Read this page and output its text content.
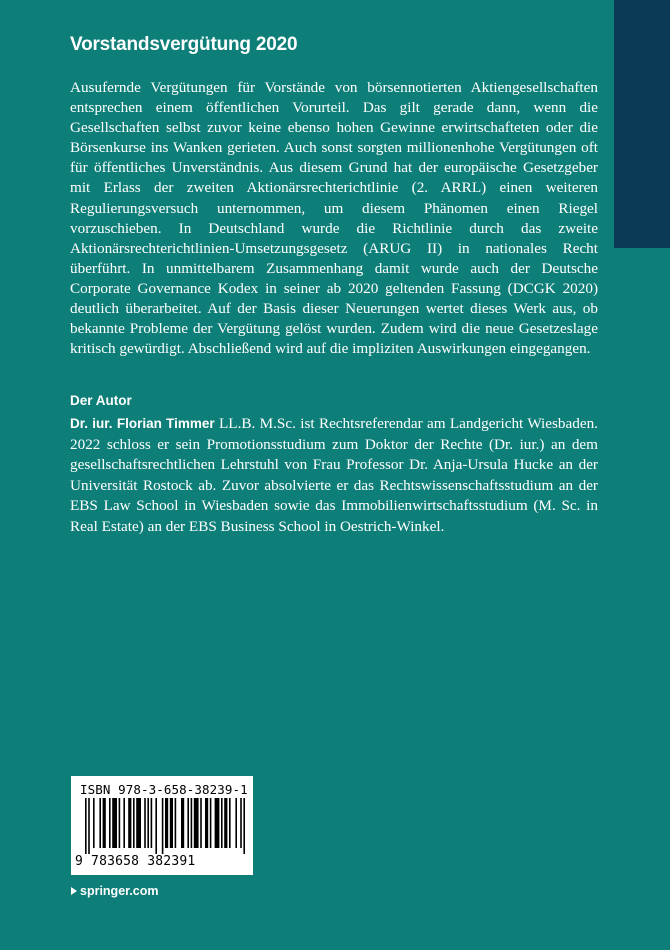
Vorstandsvergütung 2020

Ausufernde Vergütungen für Vorstände von börsennotierten Aktiengesellschaften entsprechen einem öffentlichen Vorurteil. Das gilt gerade dann, wenn die Gesellschaften selbst zuvor keine ebenso hohen Gewinne erwirtschafteten oder die Börsenkurse ins Wanken gerieten. Auch sonst sorgten millionenhohe Vergütungen oft für öffentliches Unverständnis. Aus diesem Grund hat der europäische Gesetzgeber mit Erlass der zweiten Aktionärsrechterichtlinie (2. ARRL) einen weiteren Regulierungsversuch unternommen, um diesem Phänomen einen Riegel vorzuschieben. In Deutschland wurde die Richtlinie durch das zweite Aktionärsrechterichtlinien-Umsetzungsgesetz (ARUG II) in nationales Recht überführt. In unmittelbarem Zusammenhang damit wurde auch der Deutsche Corporate Governance Kodex in seiner ab 2020 geltenden Fassung (DCGK 2020) deutlich überarbeitet. Auf der Basis dieser Neuerungen wertet dieses Werk aus, ob bekannte Probleme der Vergütung gelöst wurden. Zudem wird die neue Gesetzeslage kritisch gewürdigt. Abschließend wird auf die impliziten Auswirkungen eingegangen.

Der Autor

Dr. iur. Florian Timmer LL.B. M.Sc. ist Rechtsreferendar am Landgericht Wiesbaden. 2022 schloss er sein Promotionsstudium zum Doktor der Rechte (Dr. iur.) an dem gesellschaftsrechtlichen Lehrstuhl von Frau Professor Dr. Anja-Ursula Hucke an der Universität Rostock ab. Zuvor absolvierte er das Rechtswissenschaftsstudium an der EBS Law School in Wiesbaden sowie das Immobilienwirtschaftsstudium (M. Sc. in Real Estate) an der EBS Business School in Oestrich-Winkel.

ISBN 978-3-658-38239-1
9 783658 382391
springer.com
